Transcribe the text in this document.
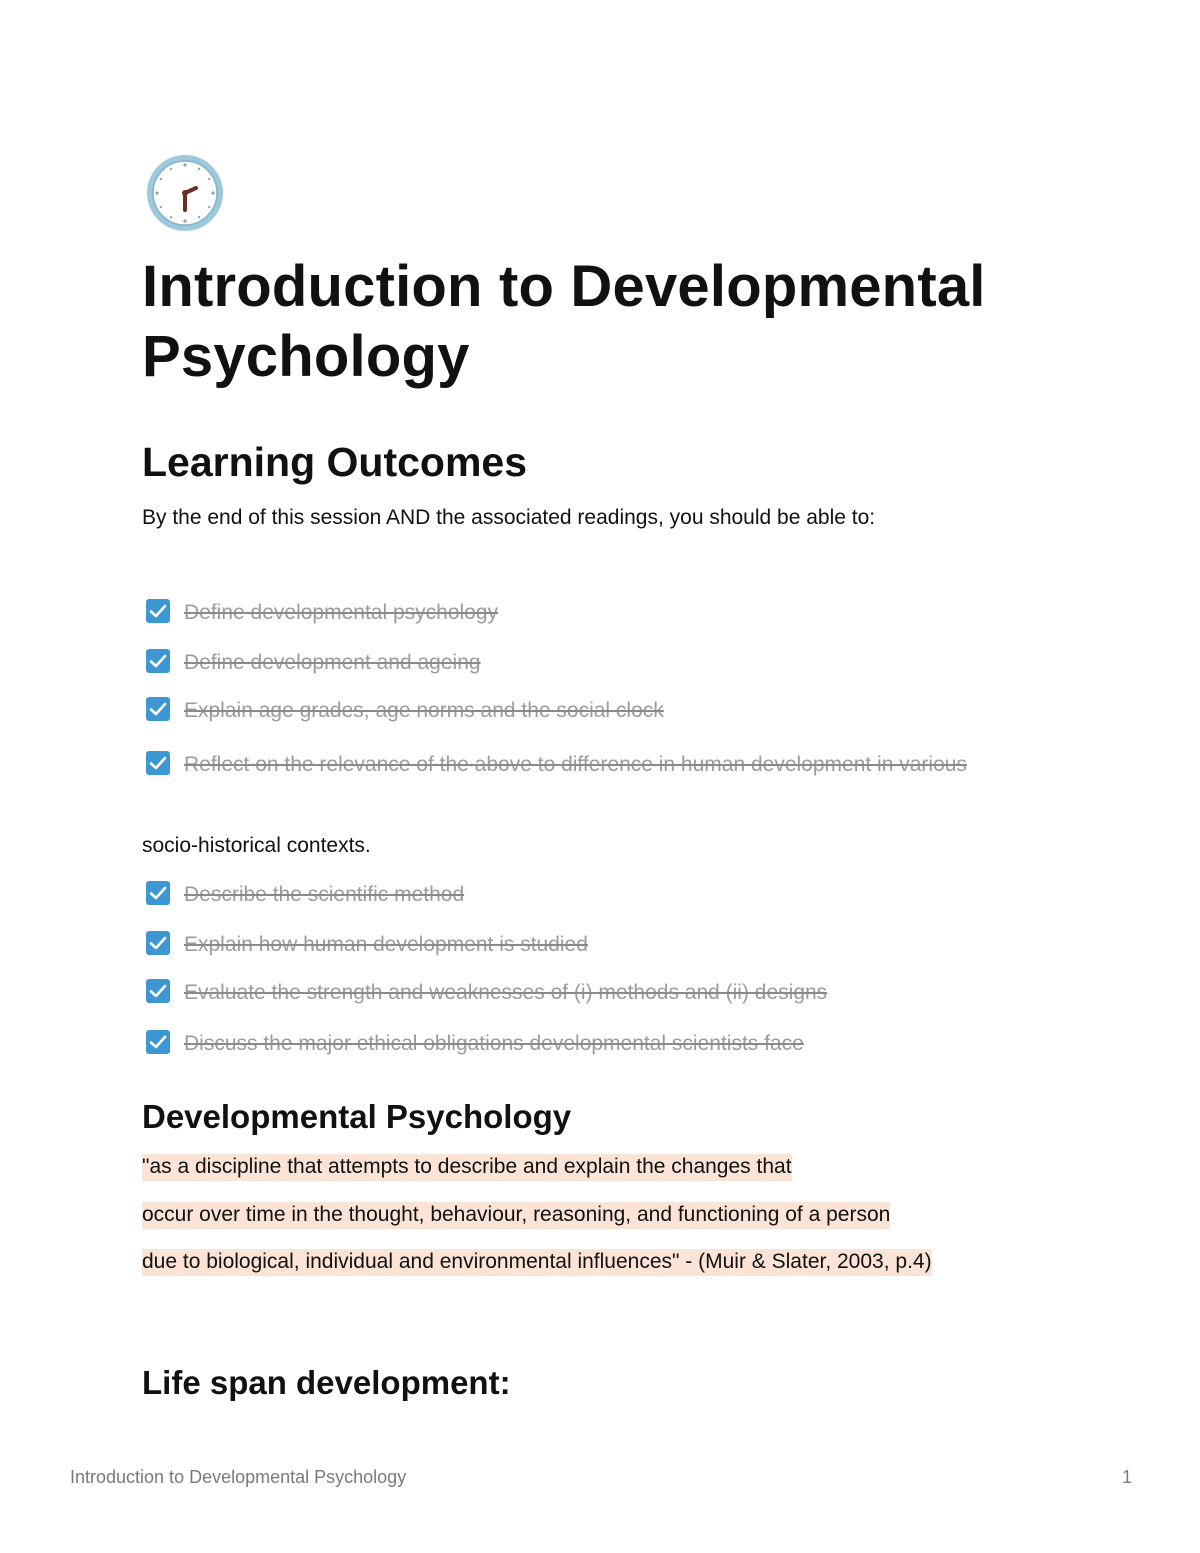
Introduction to Developmental Psychology
Learning Outcomes
By the end of this session AND the associated readings, you should be able to:
Define developmental psychology
Define development and ageing
Explain age grades, age norms and the social clock
Reflect on the relevance of the above to difference in human development in various
socio-historical contexts.
Describe the scientific method
Explain how human development is studied
Evaluate the strength and weaknesses of (i) methods and (ii) designs
Discuss the major ethical obligations developmental scientists face
Developmental Psychology
"as a discipline that attempts to describe and explain the changes that
occur over time in the thought, behaviour, reasoning, and functioning of a person
due to biological, individual and environmental influences" - (Muir & Slater, 2003, p.4)
Life span development:
Introduction to Developmental Psychology	1
